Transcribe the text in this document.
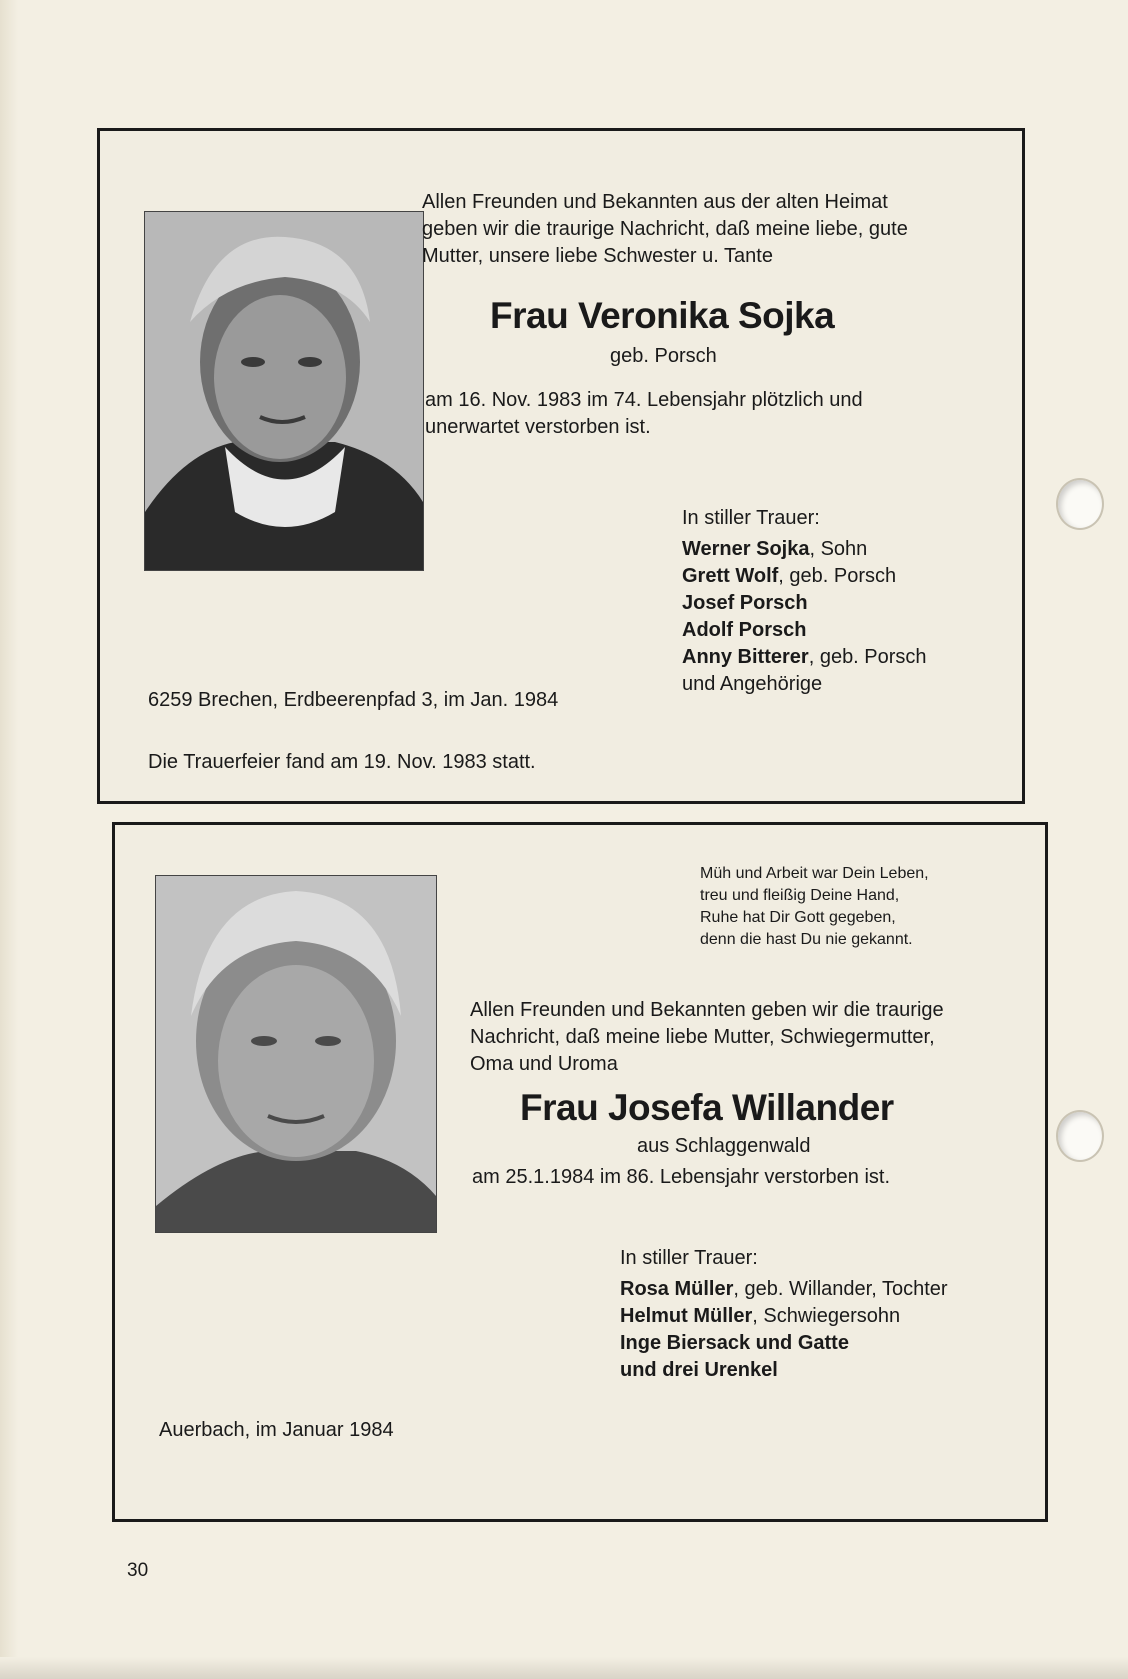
Allen Freunden und Bekannten aus der alten Heimat geben wir die traurige Nachricht, daß meine liebe, gute Mutter, unsere liebe Schwester u. Tante

Frau Veronika Sojka
geb. Porsch

am 16. Nov. 1983 im 74. Lebensjahr plötzlich und unerwartet verstorben ist.

In stiller Trauer:
Werner Sojka, Sohn
Grett Wolf, geb. Porsch
Josef Porsch
Adolf Porsch
Anny Bitterer, geb. Porsch
und Angehörige
6259 Brechen, Erdbeerenpfad 3, im Jan. 1984
Die Trauerfeier fand am 19. Nov. 1983 statt.
Müh und Arbeit war Dein Leben,
treu und fleißig Deine Hand,
Ruhe hat Dir Gott gegeben,
denn die hast Du nie gekannt.

Allen Freunden und Bekannten geben wir die traurige Nachricht, daß meine liebe Mutter, Schwiegermutter, Oma und Uroma

Frau Josefa Willander
aus Schlaggenwald
am 25.1.1984 im 86. Lebensjahr verstorben ist.
In stiller Trauer:
Rosa Müller, geb. Willander, Tochter
Helmut Müller, Schwiegersohn
Inge Biersack und Gatte
und drei Urenkel
Auerbach, im Januar 1984
30
